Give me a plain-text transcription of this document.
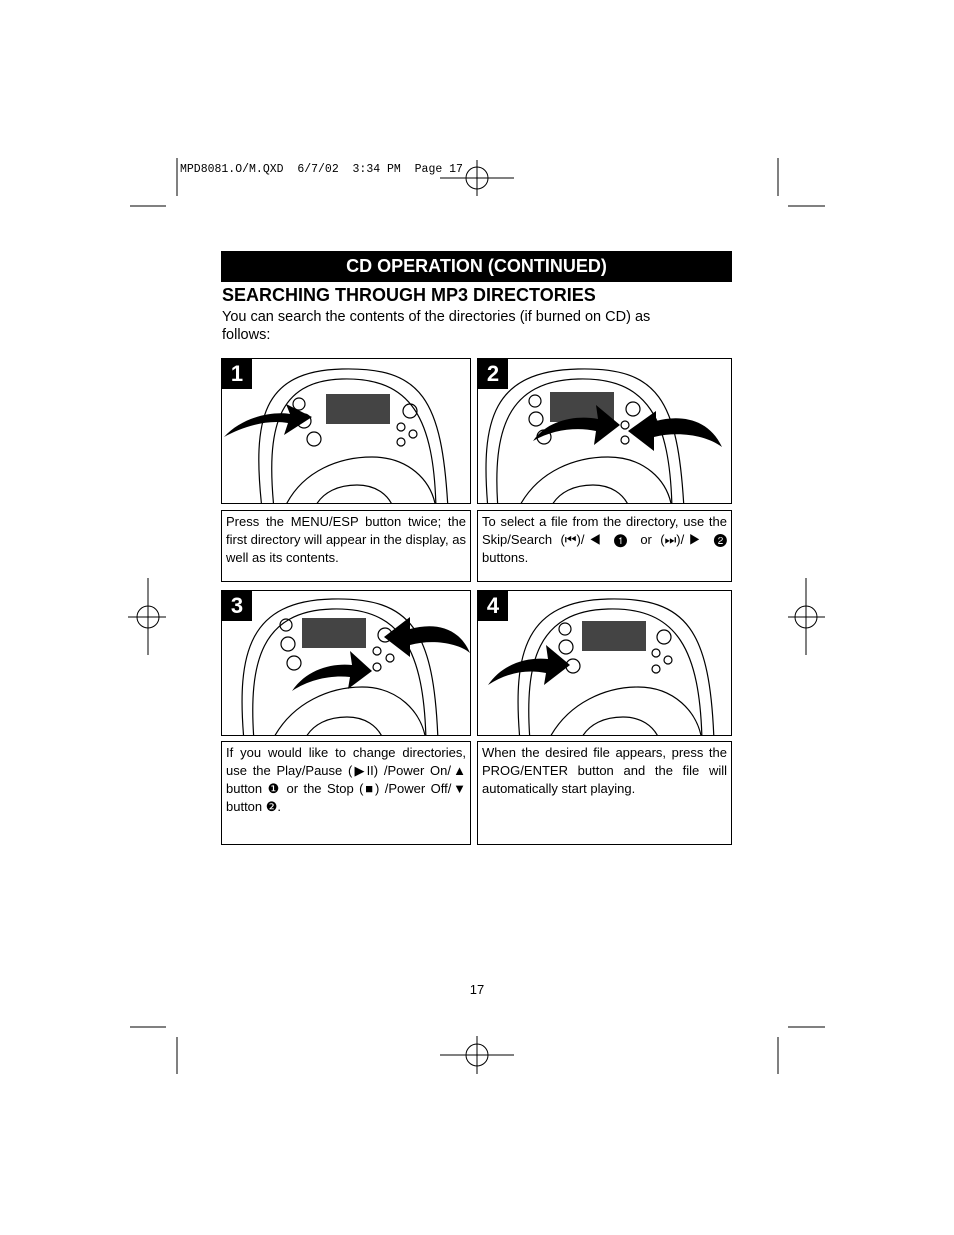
MPD8081.O/M.QXD  6/7/02  3:34 PM  Page 17
CD OPERATION (CONTINUED)
SEARCHING THROUGH MP3 DIRECTORIES
You can search the contents of the directories (if burned on CD) as follows:
1
Press the MENU/ESP button twice; the first directory will appear in the display, as well as its contents.
2
To select a file from the directory, use the Skip/Search (⏮)/◀ ❶ or (⏭)/▶ ❷ buttons.
3
If you would like to change directories, use the Play/Pause (▶II) /Power On/▲ button ❶ or the Stop (■) /Power Off/▼ button ❷.
4
When the desired file appears, press the PROG/ENTER button and the file will automatically start playing.
17
